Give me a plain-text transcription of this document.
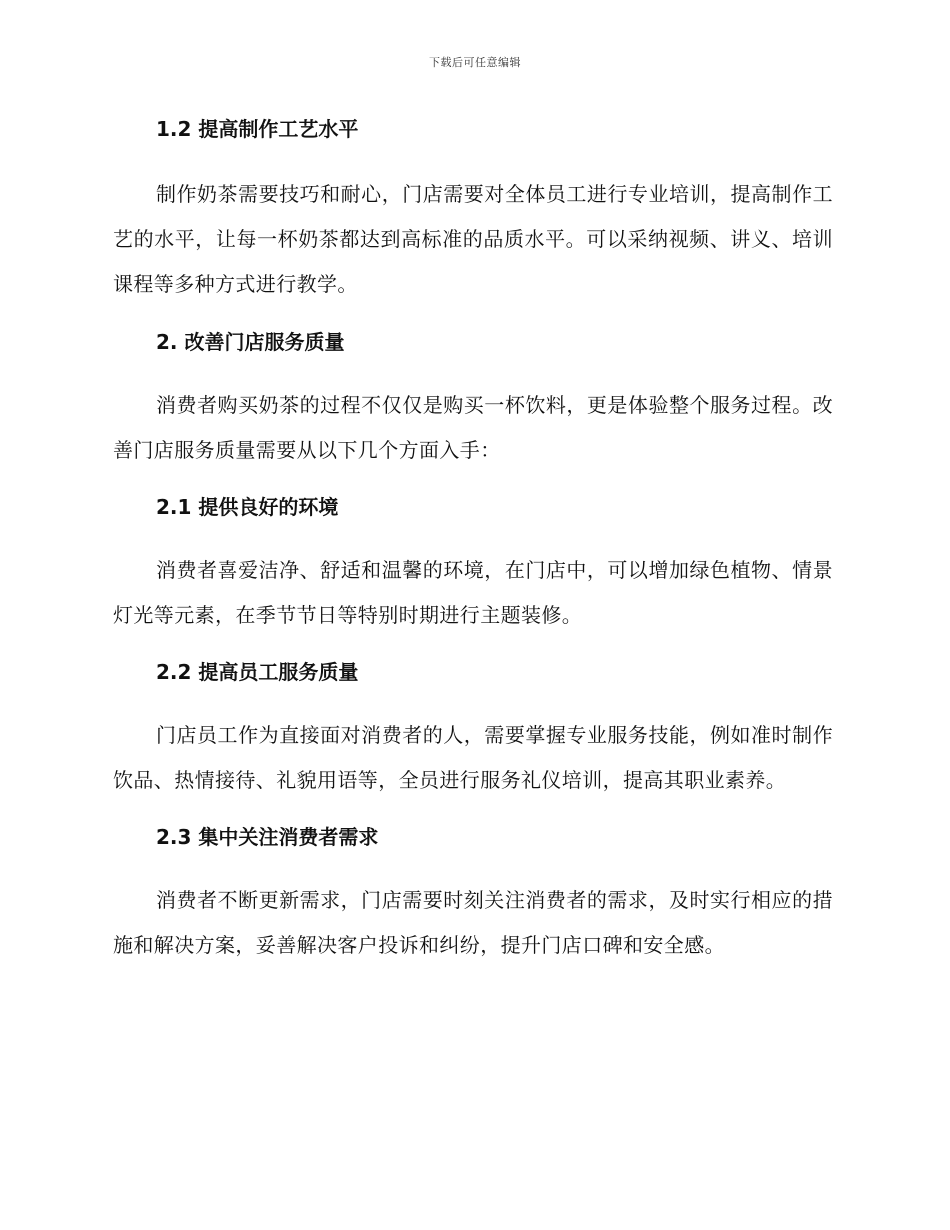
下载后可任意编辑
1.2 提高制作工艺水平

制作奶茶需要技巧和耐心，门店需要对全体员工进行专业培训，提高制作工艺的水平，让每一杯奶茶都达到高标准的品质水平。可以采纳视频、讲义、培训课程等多种方式进行教学。

2. 改善门店服务质量

消费者购买奶茶的过程不仅仅是购买一杯饮料，更是体验整个服务过程。改善门店服务质量需要从以下几个方面入手：

2.1 提供良好的环境

消费者喜爱洁净、舒适和温馨的环境，在门店中，可以增加绿色植物、情景灯光等元素，在季节节日等特别时期进行主题装修。

2.2 提高员工服务质量

门店员工作为直接面对消费者的人，需要掌握专业服务技能，例如准时制作饮品、热情接待、礼貌用语等，全员进行服务礼仪培训，提高其职业素养。

2.3 集中关注消费者需求

消费者不断更新需求，门店需要时刻关注消费者的需求，及时实行相应的措施和解决方案，妥善解决客户投诉和纠纷，提升门店口碑和安全感。
